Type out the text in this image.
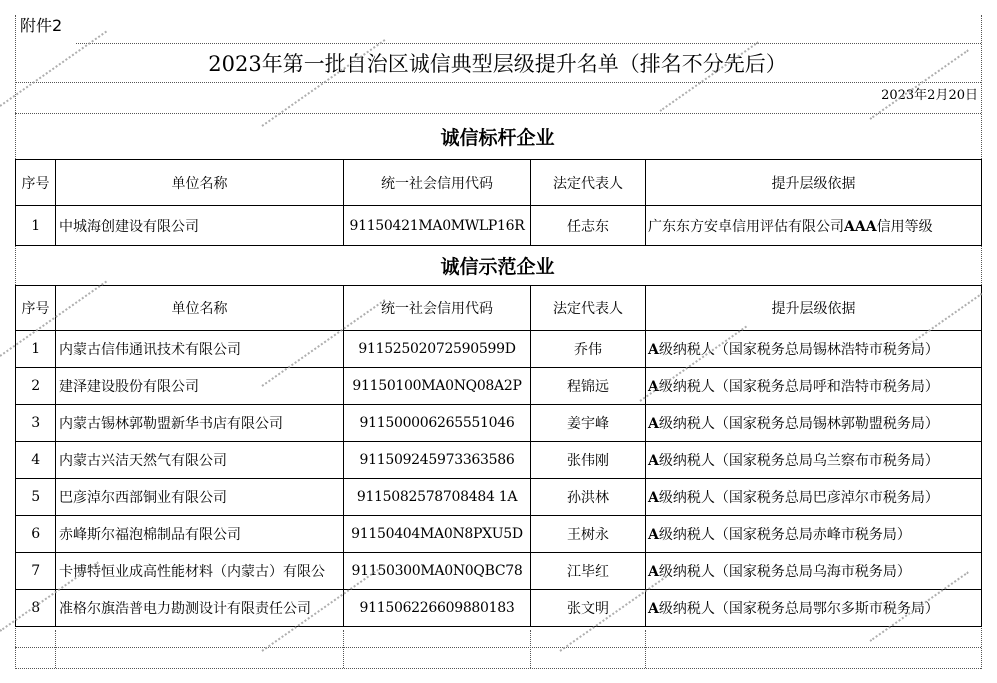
附件2
2023年第一批自治区诚信典型层级提升名单（排名不分先后）
2023年2月20日
诚信标杆企业
序号	单位名称	统一社会信用代码	法定代表人	提升层级依据
1	中城海创建设有限公司	91150421MA0MWLP16R	任志东	广东东方安卓信用评估有限公司AAA信用等级
诚信示范企业
序号	单位名称	统一社会信用代码	法定代表人	提升层级依据
1	内蒙古信伟通讯技术有限公司	91152502072590599D	乔伟	A级纳税人（国家税务总局锡林浩特市税务局）
2	建泽建设股份有限公司	91150100MA0NQ08A2P	程锦远	A级纳税人（国家税务总局呼和浩特市税务局）
3	内蒙古锡林郭勒盟新华书店有限公司	911500006265551046	姜宇峰	A级纳税人（国家税务总局锡林郭勒盟税务局）
4	内蒙古兴洁天然气有限公司	911509245973363586	张伟刚	A级纳税人（国家税务总局乌兰察布市税务局）
5	巴彦淖尔西部铜业有限公司	9115082578708484 1A	孙洪林	A级纳税人（国家税务总局巴彦淖尔市税务局）
6	赤峰斯尔福泡棉制品有限公司	91150404MA0N8PXU5D	王树永	A级纳税人（国家税务总局赤峰市税务局）
7	卡博特恒业成高性能材料（内蒙古）有限公	91150300MA0N0QBC78	江毕红	A级纳税人（国家税务总局乌海市税务局）
8	准格尔旗浩普电力勘测设计有限责任公司	911506226609880183	张文明	A级纳税人（国家税务总局鄂尔多斯市税务局）
